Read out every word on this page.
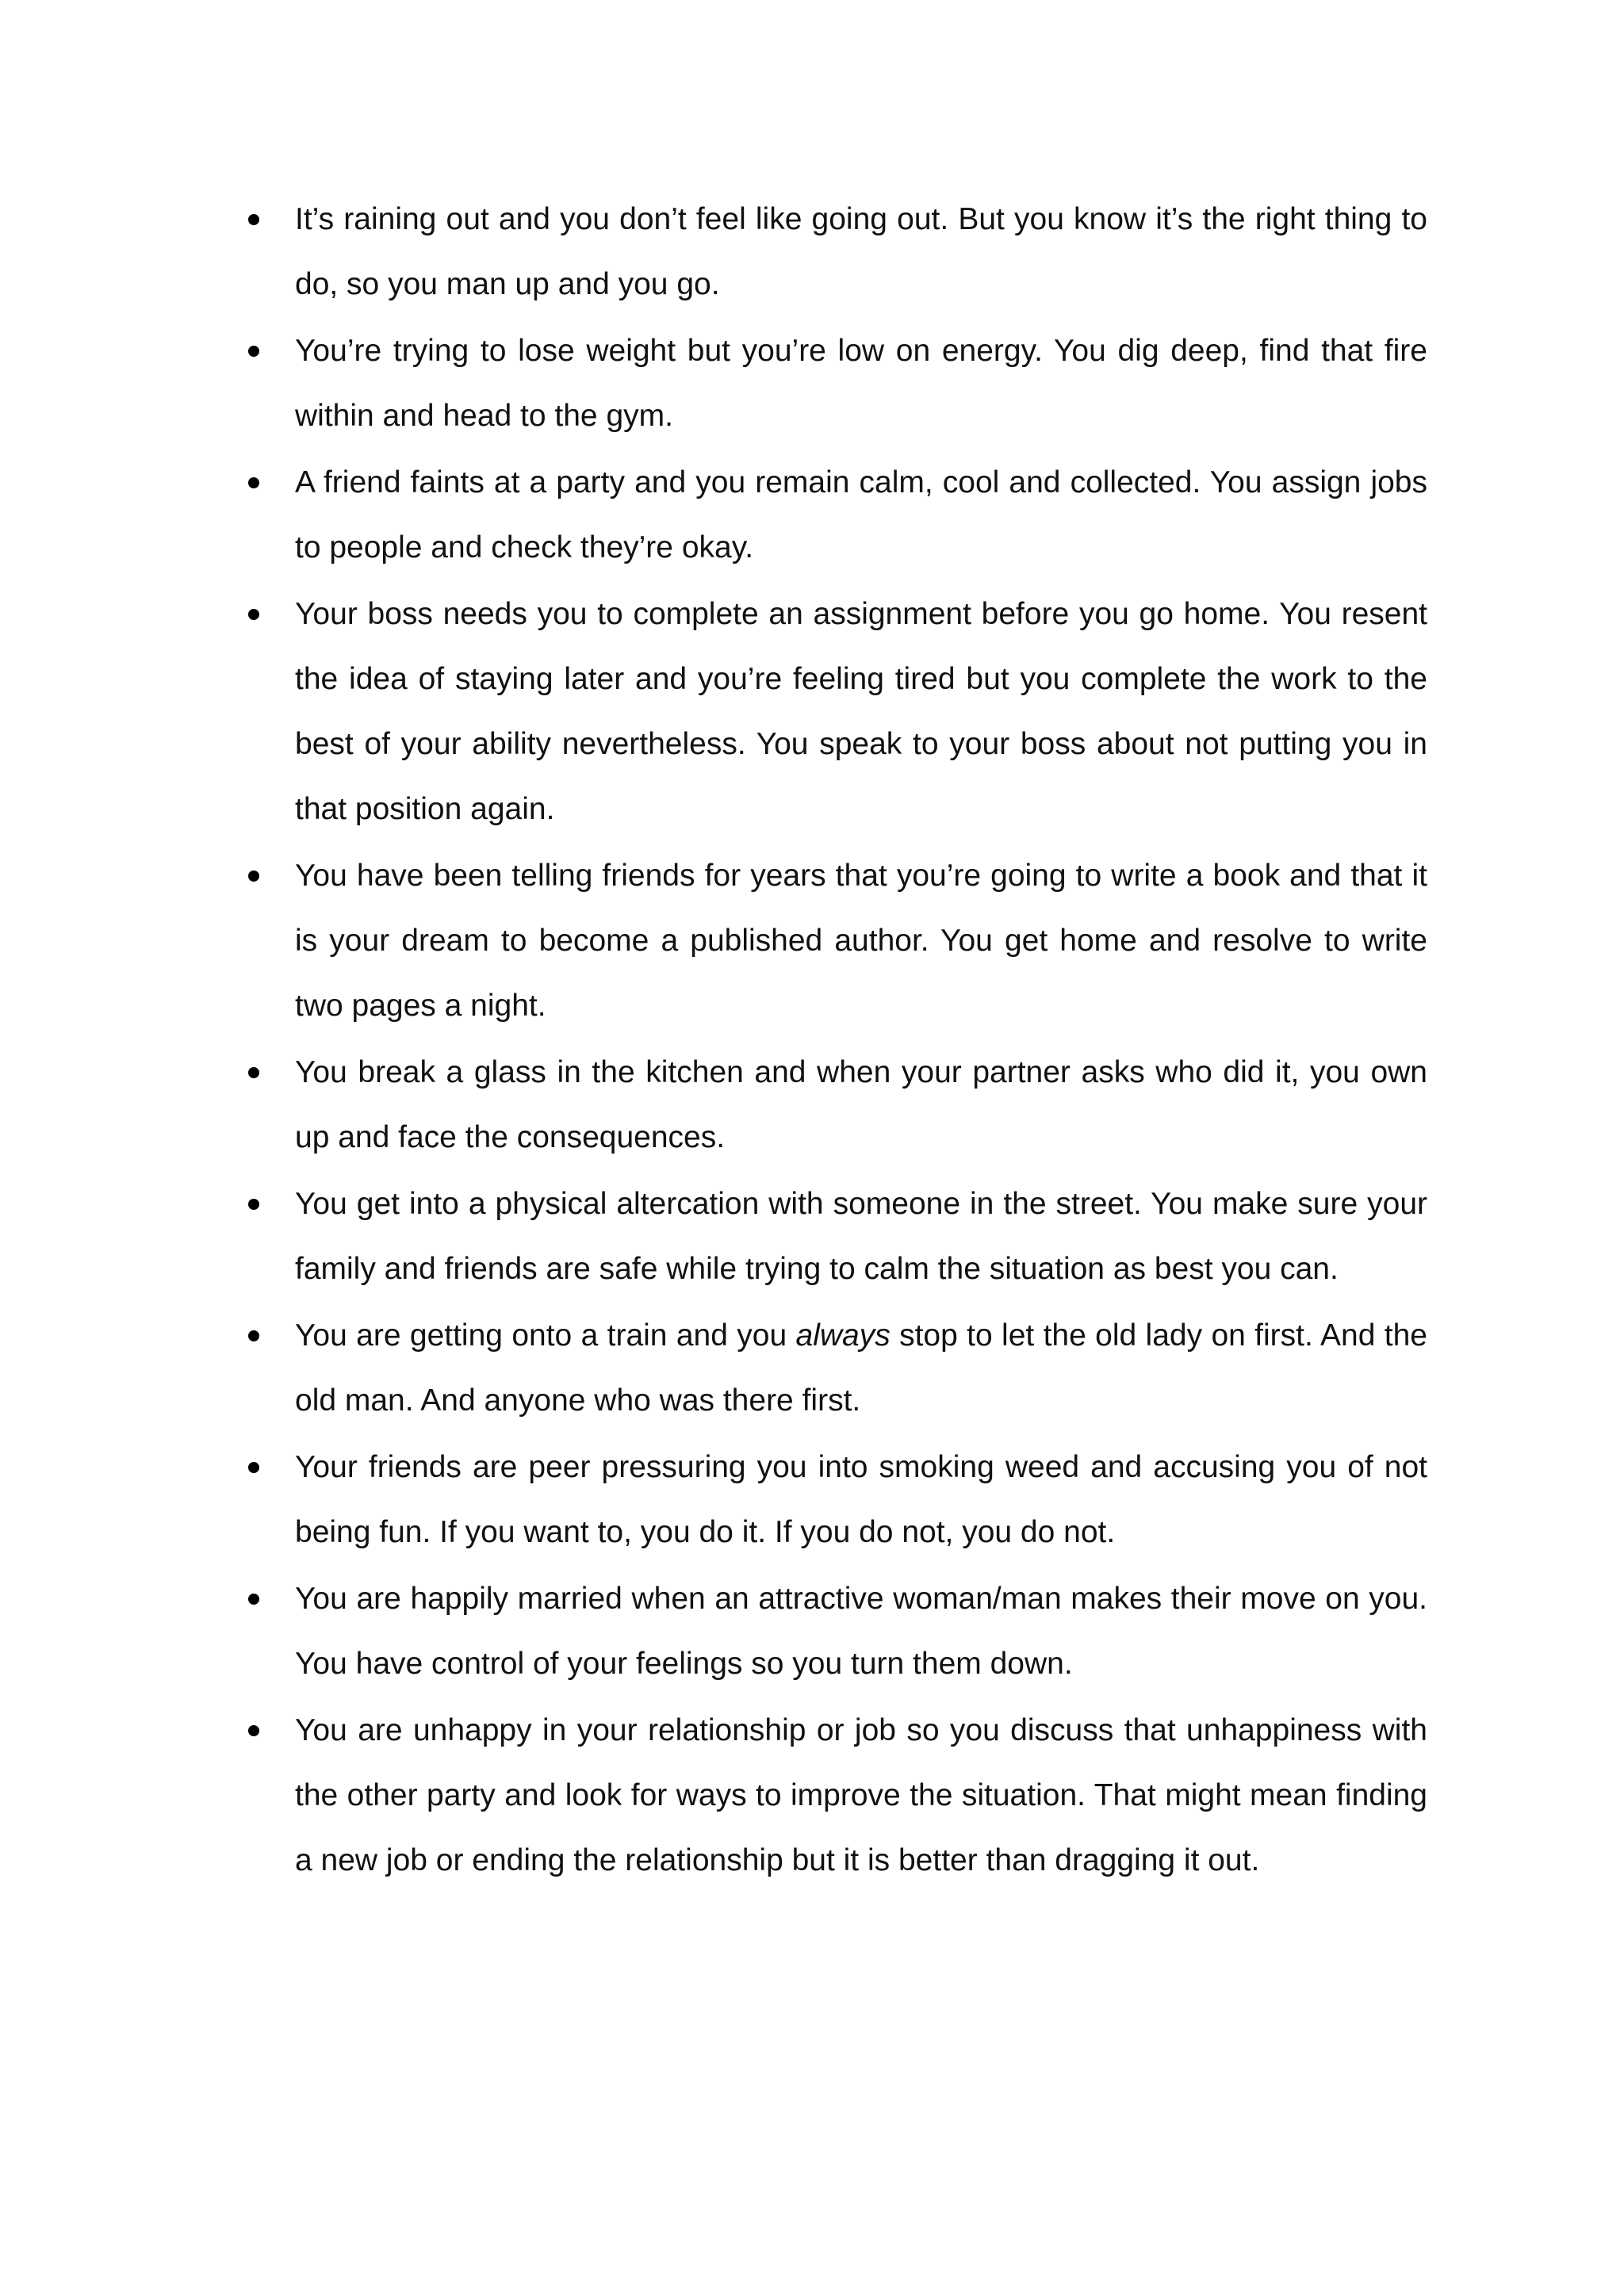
It’s raining out and you don’t feel like going out. But you know it’s the right thing to do, so you man up and you go.
You’re trying to lose weight but you’re low on energy. You dig deep, find that fire within and head to the gym.
A friend faints at a party and you remain calm, cool and collected. You assign jobs to people and check they’re okay.
Your boss needs you to complete an assignment before you go home. You resent the idea of staying later and you’re feeling tired but you complete the work to the best of your ability nevertheless. You speak to your boss about not putting you in that position again.
You have been telling friends for years that you’re going to write a book and that it is your dream to become a published author. You get home and resolve to write two pages a night.
You break a glass in the kitchen and when your partner asks who did it, you own up and face the consequences.
You get into a physical altercation with someone in the street. You make sure your family and friends are safe while trying to calm the situation as best you can.
You are getting onto a train and you always stop to let the old lady on first. And the old man. And anyone who was there first.
Your friends are peer pressuring you into smoking weed and accusing you of not being fun. If you want to, you do it. If you do not, you do not.
You are happily married when an attractive woman/man makes their move on you. You have control of your feelings so you turn them down.
You are unhappy in your relationship or job so you discuss that unhappiness with the other party and look for ways to improve the situation. That might mean finding a new job or ending the relationship but it is better than dragging it out.
